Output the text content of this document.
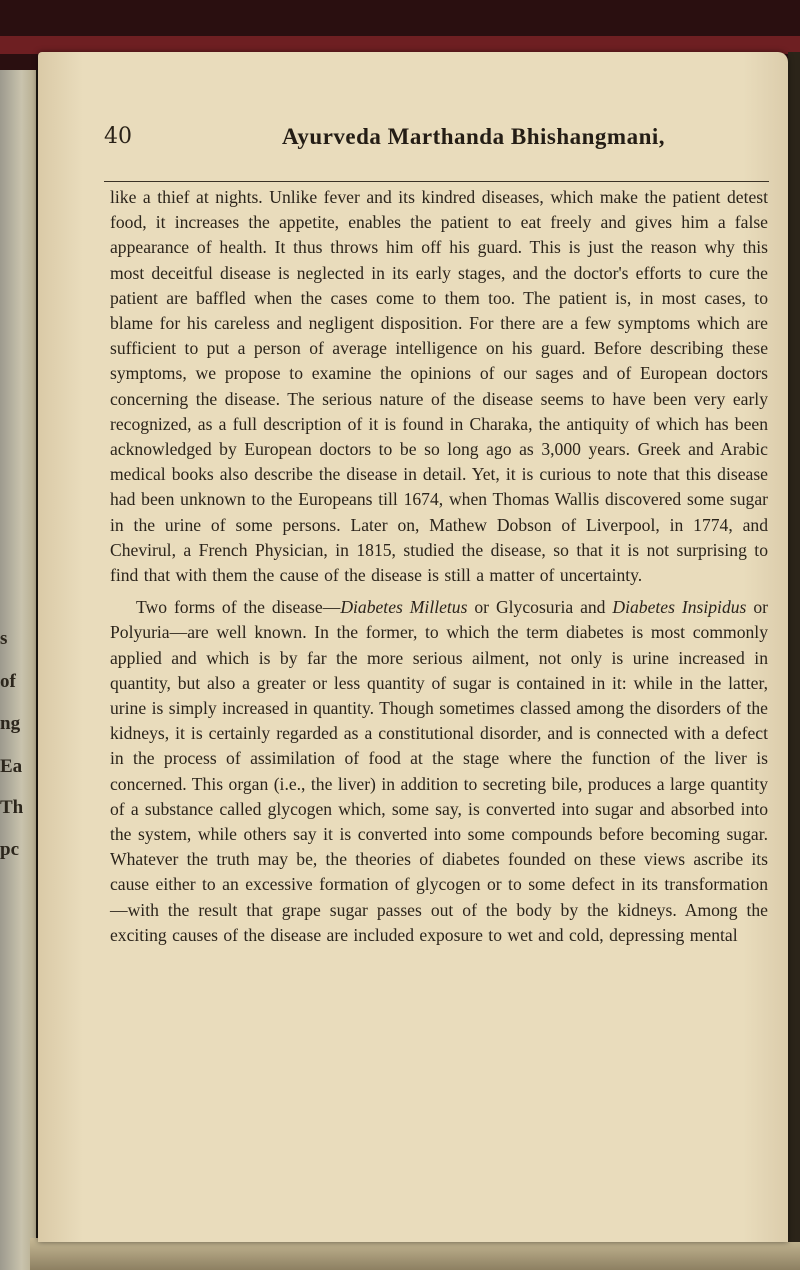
s
of
ng
Ea
Th
pc
40	Ayurveda Marthanda Bhishangmani,

like a thief at nights. Unlike fever and its kindred diseases, which make the patient detest food, it increases the appetite, enables the patient to eat freely and gives him a false appearance of health. It thus throws him off his guard. This is just the reason why this most deceitful disease is neglected in its early stages, and the doctor's efforts to cure the patient are baffled when the cases come to them too. The patient is, in most cases, to blame for his careless and negligent disposition. For there are a few symptoms which are sufficient to put a person of average intelligence on his guard. Before describing these symptoms, we propose to examine the opinions of our sages and of European doctors concerning the disease. The serious nature of the disease seems to have been very early recognized, as a full description of it is found in Charaka, the antiquity of which has been acknowledged by European doctors to be so long ago as 3,000 years. Greek and Arabic medical books also describe the disease in detail. Yet, it is curious to note that this disease had been unknown to the Europeans till 1674, when Thomas Wallis discovered some sugar in the urine of some persons. Later on, Mathew Dobson of Liverpool, in 1774, and Chevirul, a French Physician, in 1815, studied the disease, so that it is not surprising to find that with them the cause of the disease is still a matter of uncertainty.

Two forms of the disease—Diabetes Milletus or Glycosuria and Diabetes Insipidus or Polyuria—are well known. In the former, to which the term diabetes is most commonly applied and which is by far the more serious ailment, not only is urine increased in quantity, but also a greater or less quantity of sugar is contained in it: while in the latter, urine is simply increased in quantity. Though sometimes classed among the disorders of the kidneys, it is certainly regarded as a constitutional disorder, and is connected with a defect in the process of assimilation of food at the stage where the function of the liver is concerned. This organ (i.e., the liver) in addition to secreting bile, produces a large quantity of a substance called glycogen which, some say, is converted into sugar and absorbed into the system, while others say it is converted into some compounds before becoming sugar. Whatever the truth may be, the theories of diabetes founded on these views ascribe its cause either to an excessive formation of glycogen or to some defect in its transformation—with the result that grape sugar passes out of the body by the kidneys. Among the exciting causes of the disease are included exposure to wet and cold, depressing mental
